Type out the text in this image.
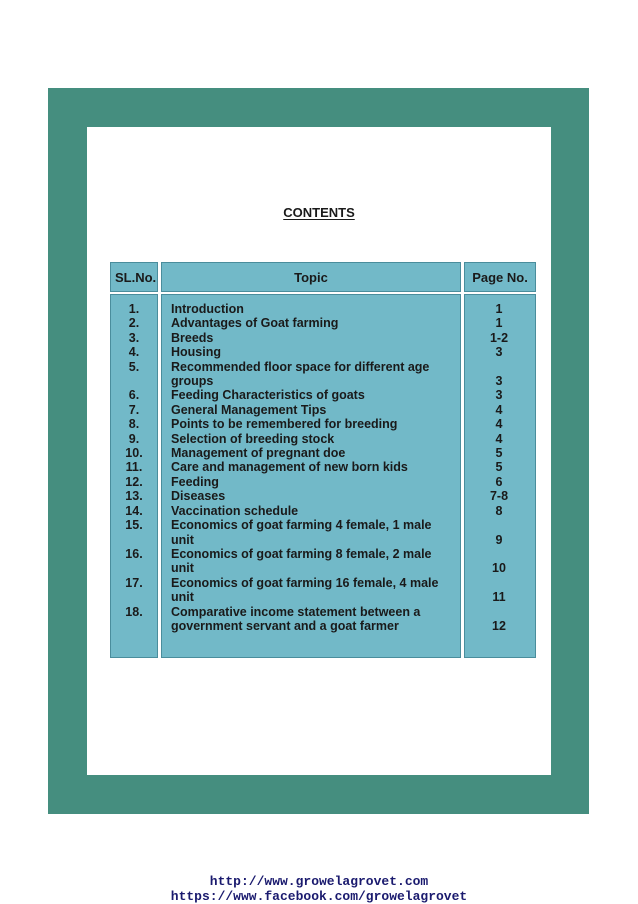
CONTENTS
SL.No.	Topic	Page No.
1.	Introduction	1
2.	Advantages of Goat farming	1
3.	Breeds	1-2
4.	Housing	3
5.	Recommended floor space for different age groups	3
6.	Feeding Characteristics of goats	3
7.	General Management Tips	4
8.	Points to be remembered for breeding	4
9.	Selection of breeding stock	4
10.	Management of pregnant doe	5
11.	Care and management of new born kids	5
12.	Feeding	6
13.	Diseases	7-8
14.	Vaccination schedule	8
15.	Economics of goat farming 4 female, 1 male unit	9
16.	Economics of goat farming 8 female, 2 male unit	10
17.	Economics of goat farming 16 female, 4 male unit	11
18.	Comparative income statement between a government servant and a goat farmer	12
http://www.growelagrovet.com
https://www.facebook.com/growelagrovet
